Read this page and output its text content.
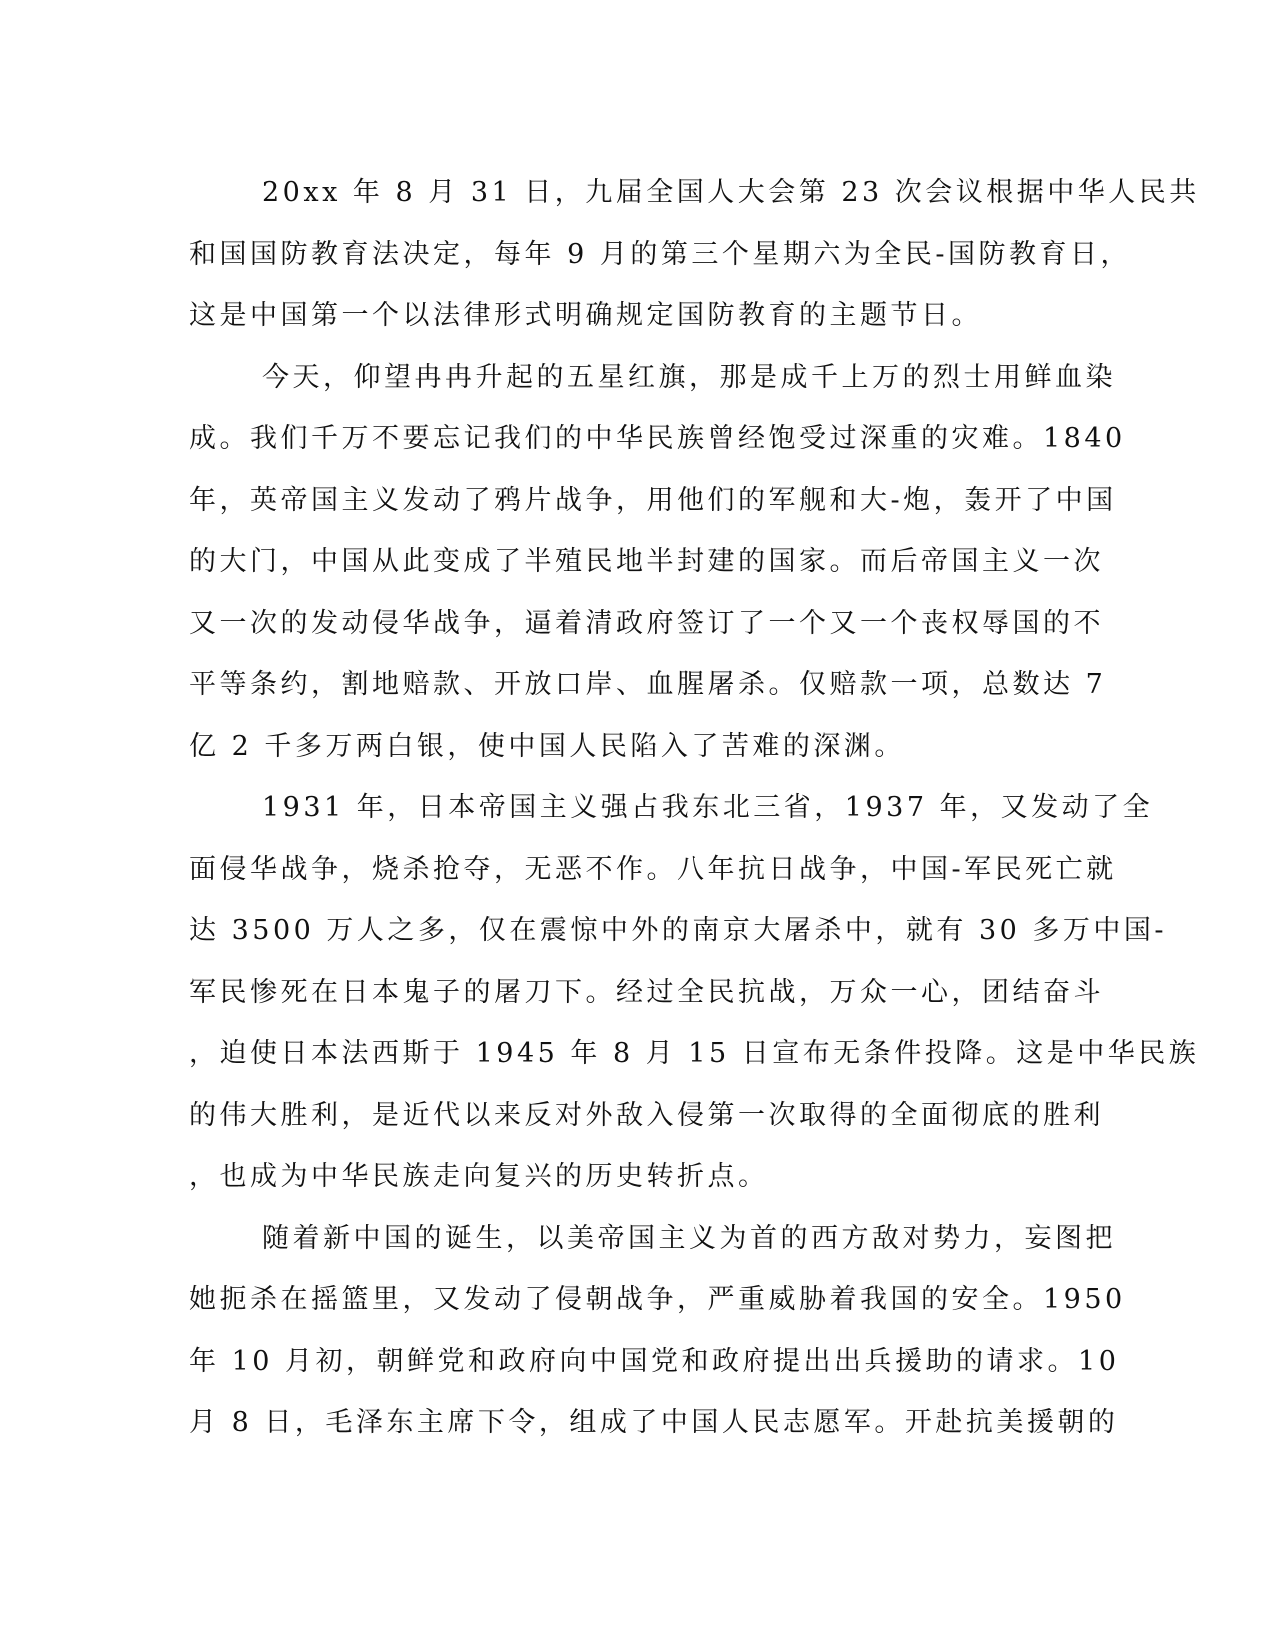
20xx 年 8 月 31 日，九届全国人大会第 23 次会议根据中华人民共
和国国防教育法决定，每年 9 月的第三个星期六为全民-国防教育日，
这是中国第一个以法律形式明确规定国防教育的主题节日。
今天，仰望冉冉升起的五星红旗，那是成千上万的烈士用鲜血染
成。我们千万不要忘记我们的中华民族曾经饱受过深重的灾难。1840
年，英帝国主义发动了鸦片战争，用他们的军舰和大-炮，轰开了中国
的大门，中国从此变成了半殖民地半封建的国家。而后帝国主义一次
又一次的发动侵华战争，逼着清政府签订了一个又一个丧权辱国的不
平等条约，割地赔款、开放口岸、血腥屠杀。仅赔款一项，总数达 7
亿 2 千多万两白银，使中国人民陷入了苦难的深渊。
1931 年，日本帝国主义强占我东北三省，1937 年，又发动了全
面侵华战争，烧杀抢夺，无恶不作。八年抗日战争，中国-军民死亡就
达 3500 万人之多，仅在震惊中外的南京大屠杀中，就有 30 多万中国-
军民惨死在日本鬼子的屠刀下。经过全民抗战，万众一心，团结奋斗
，迫使日本法西斯于 1945 年 8 月 15 日宣布无条件投降。这是中华民族
的伟大胜利，是近代以来反对外敌入侵第一次取得的全面彻底的胜利
，也成为中华民族走向复兴的历史转折点。
随着新中国的诞生，以美帝国主义为首的西方敌对势力，妄图把
她扼杀在摇篮里，又发动了侵朝战争，严重威胁着我国的安全。1950
年 10 月初，朝鲜党和政府向中国党和政府提出出兵援助的请求。10
月 8 日，毛泽东主席下令，组成了中国人民志愿军。开赴抗美援朝的
